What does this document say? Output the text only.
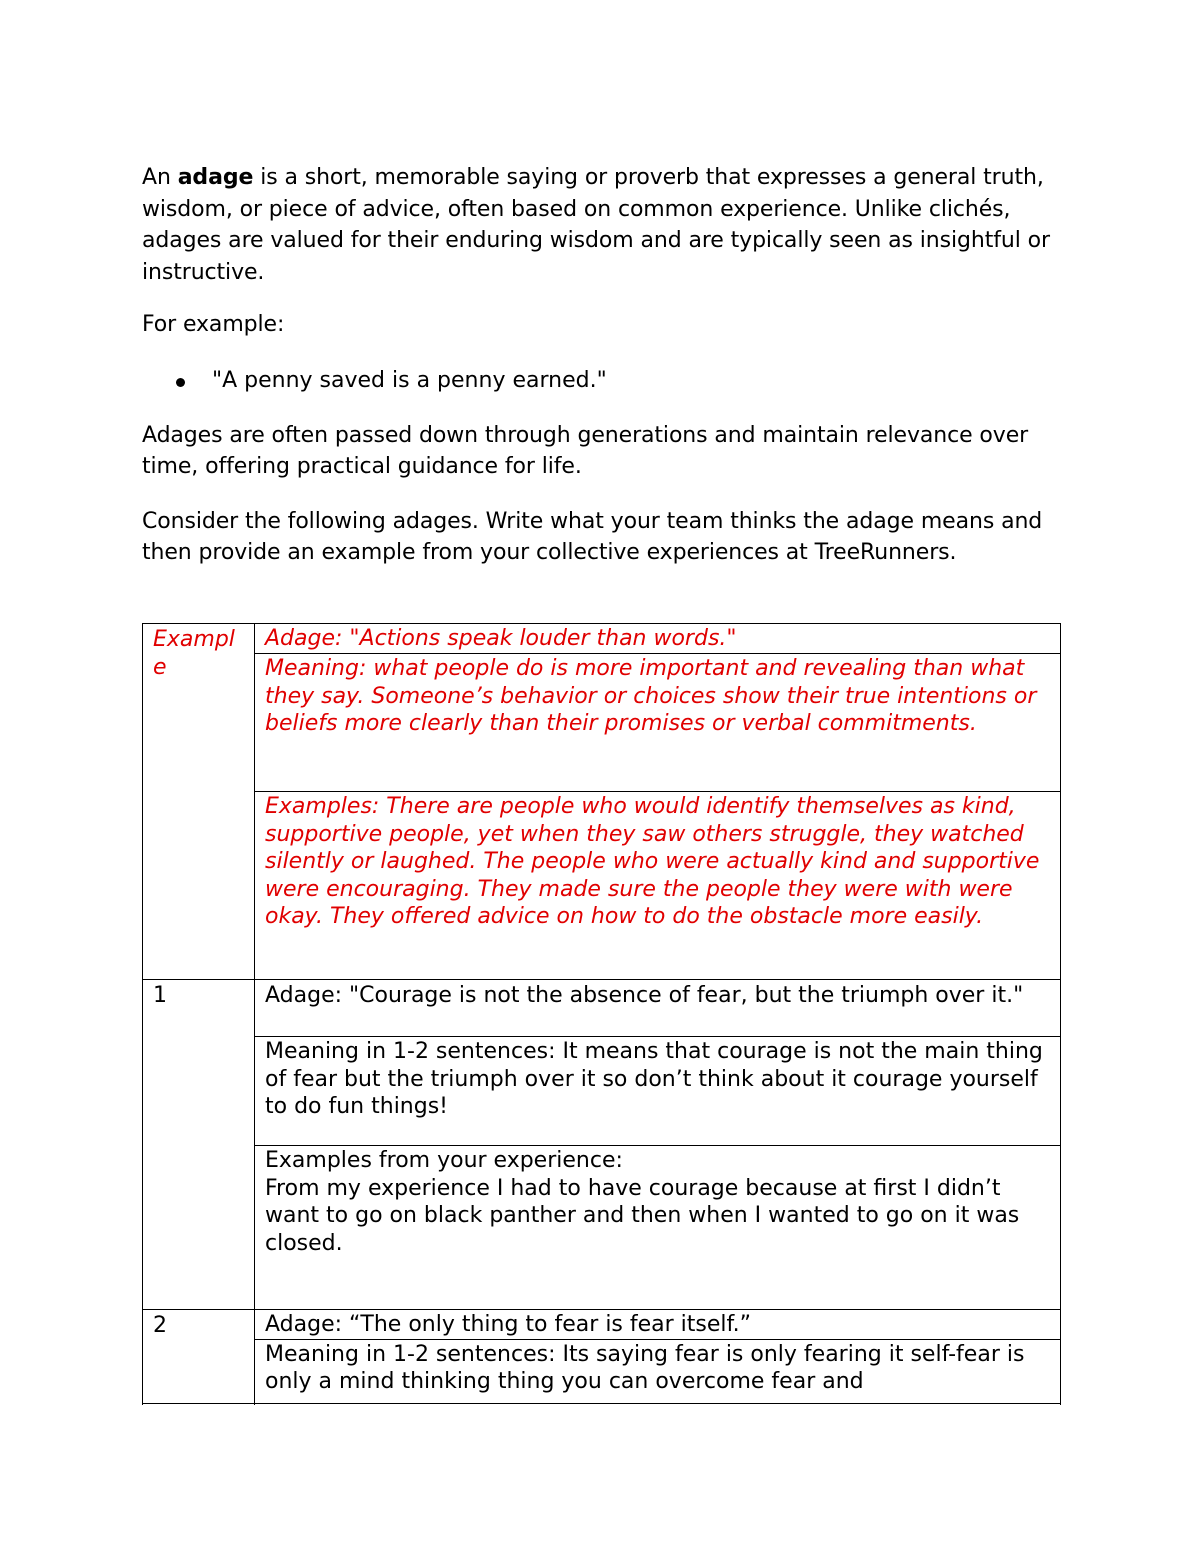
An adage is a short, memorable saying or proverb that expresses a general truth, wisdom, or piece of advice, often based on common experience. Unlike clichés, adages are valued for their enduring wisdom and are typically seen as insightful or instructive.

For example:

"A penny saved is a penny earned."

Adages are often passed down through generations and maintain relevance over time, offering practical guidance for life.

Consider the following adages. Write what your team thinks the adage means and then provide an example from your collective experiences at TreeRunners.

Example	Adage: "Actions speak louder than words."
	Meaning: what people do is more important and revealing than what they say. Someone’s behavior or choices show their true intentions or beliefs more clearly than their promises or verbal commitments.
	Examples: There are people who would identify themselves as kind, supportive people, yet when they saw others struggle, they watched silently or laughed. The people who were actually kind and supportive were encouraging. They made sure the people they were with were okay. They offered advice on how to do the obstacle more easily.
1	Adage: "Courage is not the absence of fear, but the triumph over it."
	Meaning in 1-2 sentences: It means that courage is not the main thing of fear but the triumph over it so don’t think about it courage yourself to do fun things!

	Examples from your experience:
From my experience I had to have courage because at first I didn’t want to go on black panther and then when I wanted to go on it was closed.
2	Adage: “The only thing to fear is fear itself.”
	Meaning in 1-2 sentences: Its saying fear is only fearing it self-fear is only a mind thinking thing you can overcome fear and
